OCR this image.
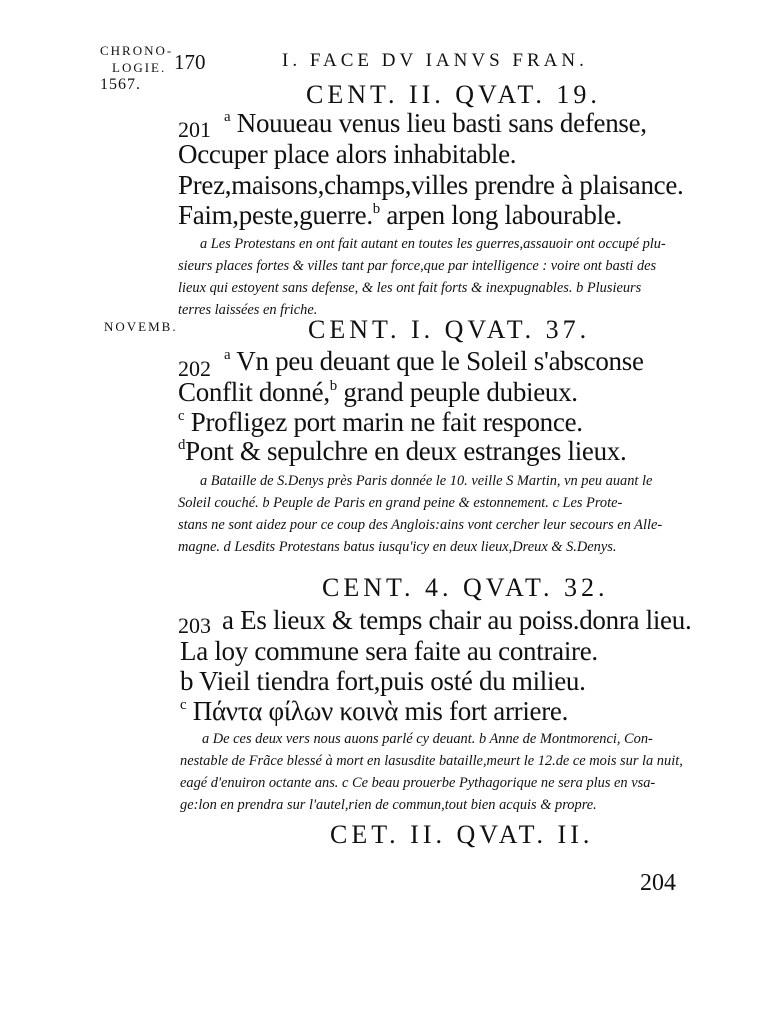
CHRONO-
LOGIE.
1567.
NOVEMB.
170	I. FACE DV IANVS FRAN.
CENT. II. QVAT. 19.
201
$^a$ Nouueau venus lieu basti sans defense,
Occuper place alors inhabitable.
Prez,maisons,champs,villes prendre à plaisance.
Faim,peste,guerre.$^b$ arpen long labourable.
a Les Protestans en ont fait autant en toutes les guerres,assauoir ont occupé plu-
sieurs places fortes & villes tant par force,que par intelligence : voire ont basti des
lieux qui estoyent sans defense, & les ont fait forts & inexpugnables. b Plusieurs
terres laissées en friche.
CENT. I. QVAT. 37.
202
$^a$ Vn peu deuant que le Soleil s'absconse
Conflit donné,$^b$ grand peuple dubieux.
$^c$ Profligez port marin ne fait responce.
$^d$Pont & sepulchre en deux estranges lieux.
a Bataille de S.Denys près Paris donnée le 10. veille S Martin, vn peu auant le
Soleil couché. b Peuple de Paris en grand peine & estonnement. c Les Prote-
stans ne sont aidez pour ce coup des Anglois:ains vont cercher leur secours en Alle-
magne. d Lesdits Protestans batus iusqu'icy en deux lieux,Dreux & S.Denys.
CENT. 4. QVAT. 32.
203 a Es lieux & temps chair au poiss.donra lieu.
La loy commune sera faite au contraire.
b Vieil tiendra fort,puis osté du milieu.
$^c$ Πάντα φίλων κοινὰ mis fort arriere.
a De ces deux vers nous auons parlé cy deuant. b Anne de Montmorenci, Con-
nestable de Frãce blessé à mort en lasusdite bataille,meurt le 12.de ce mois sur la nuit,
eagé d'enuiron octante ans. c Ce beau prouerbe Pythagorique ne sera plus en vsa-
ge:lon en prendra sur l'autel,rien de commun,tout bien acquis & propre.
CET. II. QVAT. II.
204
